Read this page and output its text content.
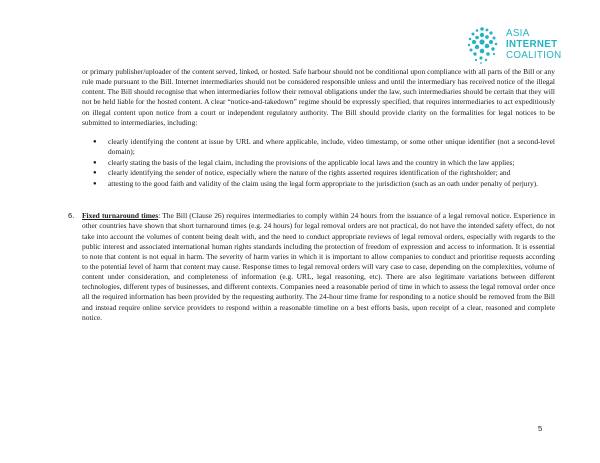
ASIA
INTERNET
COALITION

or primary publisher/uploader of the content served, linked, or hosted. Safe harbour should not be conditional upon compliance with all parts of the Bill or any rule made pursuant to the Bill. Internet intermediaries should not be considered responsible unless and until the intermediary has received notice of the illegal content. The Bill should recognise that when intermediaries follow their removal obligations under the law, such intermediaries should be certain that they will not be held liable for the hosted content. A clear “notice-and-takedown” regime should be expressly specified, that requires intermediaries to act expeditiously on illegal content upon notice from a court or independent regulatory authority. The Bill should provide clarity on the formalities for legal notices to be submitted to intermediaries, including:

● clearly identifying the content at issue by URL and where applicable, include, video timestamp, or some other unique identifier (not a second-level domain);
● clearly stating the basis of the legal claim, including the provisions of the applicable local laws and the country in which the law applies;
● clearly identifying the sender of notice, especially where the nature of the rights asserted requires identification of the rightsholder; and
● attesting to the good faith and validity of the claim using the legal form appropriate to the jurisdiction (such as an oath under penalty of perjury).
6. Fixed turnaround times: The Bill (Clause 26) requires intermediaries to comply within 24 hours from the issuance of a legal removal notice. Experience in other countries have shown that short turnaround times (e.g. 24 hours) for legal removal orders are not practical, do not have the intended safety effect, do not take into account the volumes of content being dealt with, and the need to conduct appropriate reviews of legal removal orders, especially with regards to the public interest and associated international human rights standards including the protection of freedom of expression and access to information. It is essential to note that content is not equal in harm. The severity of harm varies in which it is important to allow companies to conduct and prioritise requests according to the potential level of harm that content may cause. Response times to legal removal orders will vary case to case, depending on the complexities, volume of content under consideration, and completeness of information (e.g. URL, legal reasoning, etc). There are also legitimate variations between different technologies, different types of businesses, and different contexts. Companies need a reasonable period of time in which to assess the legal removal order once all the required information has been provided by the requesting authority. The 24-hour time frame for responding to a notice should be removed from the Bill and instead require online service providers to respond within a reasonable timeline on a best efforts basis, upon receipt of a clear, reasoned and complete notice.

5
